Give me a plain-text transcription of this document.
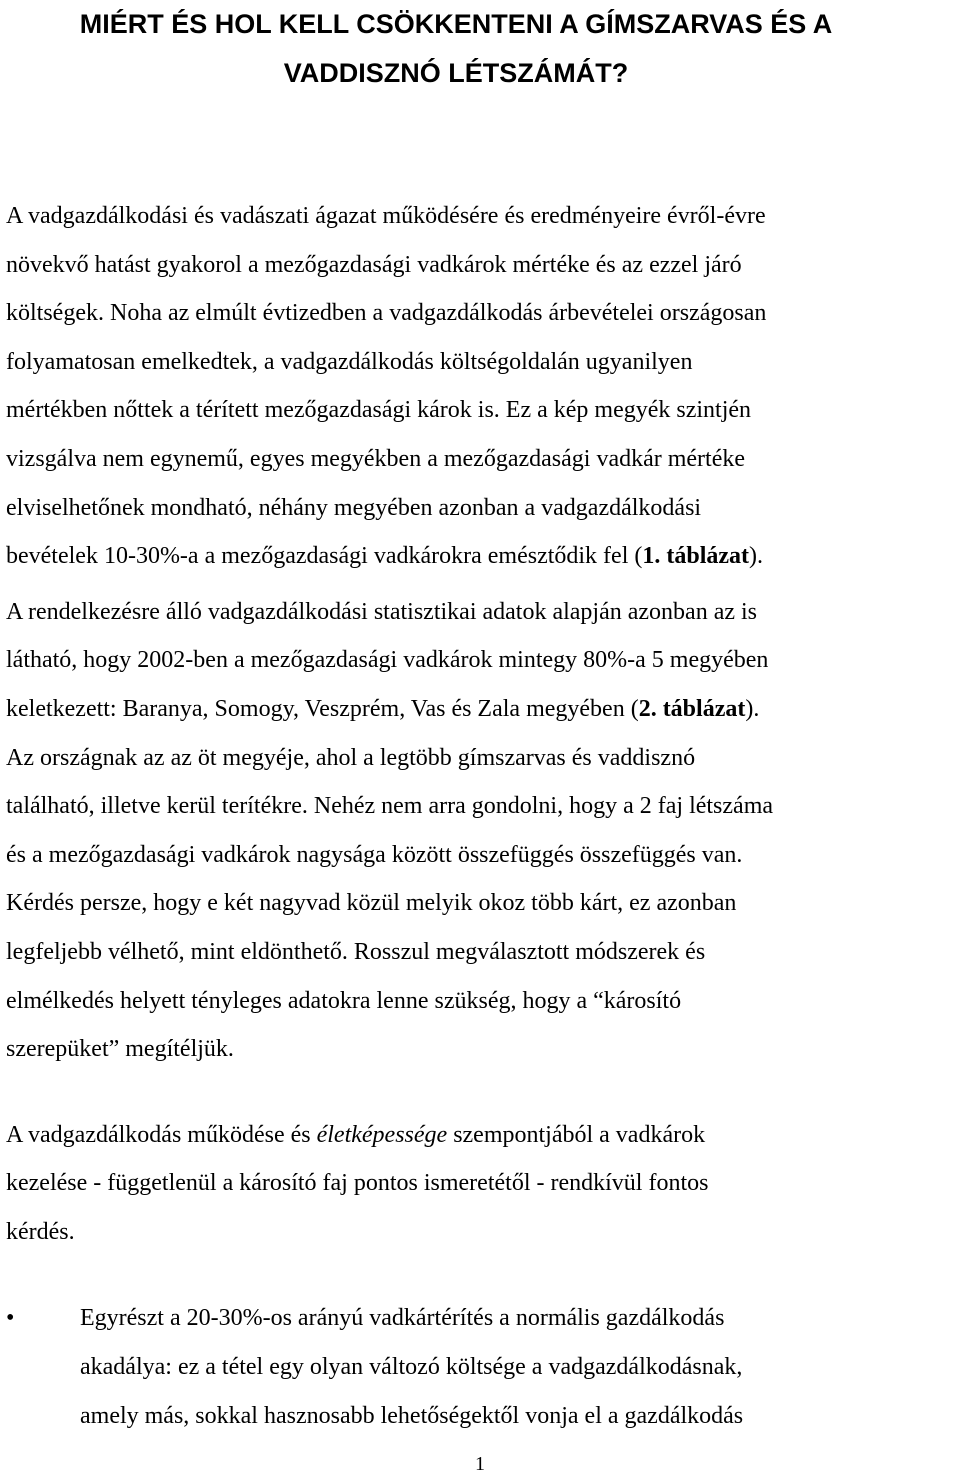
MIÉRT ÉS HOL KELL CSÖKKENTENI A GÍMSZARVAS ÉS A
VADDISZNÓ LÉTSZÁMÁT?

A vadgazdálkodási és vadászati ágazat működésére és eredményeire évről-évre
növekvő hatást gyakorol a mezőgazdasági vadkárok mértéke és az ezzel járó
költségek. Noha az elmúlt évtizedben a vadgazdálkodás árbevételei országosan
folyamatosan emelkedtek, a vadgazdálkodás költségoldalán ugyanilyen
mértékben nőttek a térített mezőgazdasági károk is. Ez a kép megyék szintjén
vizsgálva nem egynemű, egyes megyékben a mezőgazdasági vadkár mértéke
elviselhetőnek mondható, néhány megyében azonban a vadgazdálkodási
bevételek 10-30%-a a mezőgazdasági vadkárokra emésztődik fel (1. táblázat).

A rendelkezésre álló vadgazdálkodási statisztikai adatok alapján azonban az is
látható, hogy 2002-ben a mezőgazdasági vadkárok mintegy 80%-a 5 megyében
keletkezett: Baranya, Somogy, Veszprém, Vas és Zala megyében (2. táblázat).
Az országnak az az öt megyéje, ahol a legtöbb gímszarvas és vaddisznó
található, illetve kerül terítékre. Nehéz nem arra gondolni, hogy a 2 faj létszáma
és a mezőgazdasági vadkárok nagysága között összefüggés összefüggés van.
Kérdés persze, hogy e két nagyvad közül melyik okoz több kárt, ez azonban
legfeljebb vélhető, mint eldönthető. Rosszul megválasztott módszerek és
elmélkedés helyett tényleges adatokra lenne szükség, hogy a “károsító
szerepüket” megítéljük.

A vadgazdálkodás működése és életképessége szempontjából a vadkárok
kezelése - függetlenül a károsító faj pontos ismeretétől - rendkívül fontos
kérdés.

•	Egyrészt a 20-30%-os arányú vadkártérítés a normális gazdálkodás
akadálya: ez a tétel egy olyan változó költsége a vadgazdálkodásnak,
amely más, sokkal hasznosabb lehetőségektől vonja el a gazdálkodás
1
